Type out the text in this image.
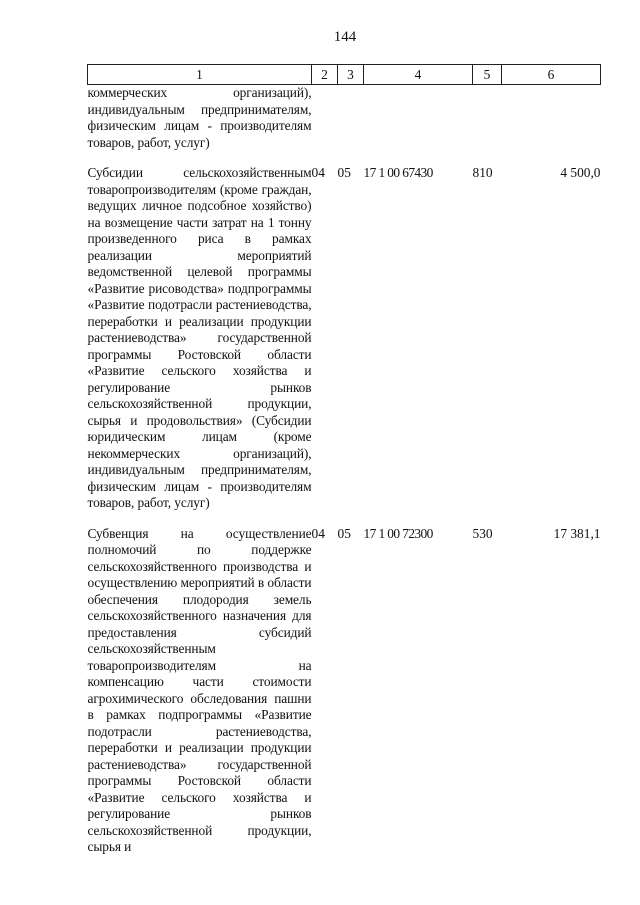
144
1	2	3	4	5	6
коммерческих организаций), индивидуальным предпринимателям, физическим лицам - производителям товаров, работ, услуг)					

Субсидии сельскохозяйственным товаропроизводителям (кроме граждан, ведущих личное подсобное хозяйство) на возмещение части затрат на 1 тонну произведенного риса в рамках реализации мероприятий ведомственной целевой программы «Развитие рисоводства» подпрограммы «Развитие подотрасли растениеводства, переработки и реализации продукции растениеводства» государственной программы Ростовской области «Развитие сельского хозяйства и регулирование рынков сельскохозяйственной продукции, сырья и продовольствия» (Субсидии юридическим лицам (кроме некоммерческих организаций), индивидуальным предпринимателям, физическим лицам - производителям товаров, работ, услуг)	04	05	17 1 00 67430	810	4 500,0

Субвенция на осуществление полномочий по поддержке сельскохозяйственного производства и осуществлению мероприятий в области обеспечения плодородия земель сельскохозяйственного назначения для предоставления субсидий сельскохозяйственным товаропроизводителям на компенсацию части стоимости агрохимического обследования пашни в рамках подпрограммы «Развитие подотрасли растениеводства, переработки и реализации продукции растениеводства» государственной программы Ростовской области «Развитие сельского хозяйства и регулирование рынков сельскохозяйственной продукции, сырья и	04	05	17 1 00 72300	530	17 381,1
